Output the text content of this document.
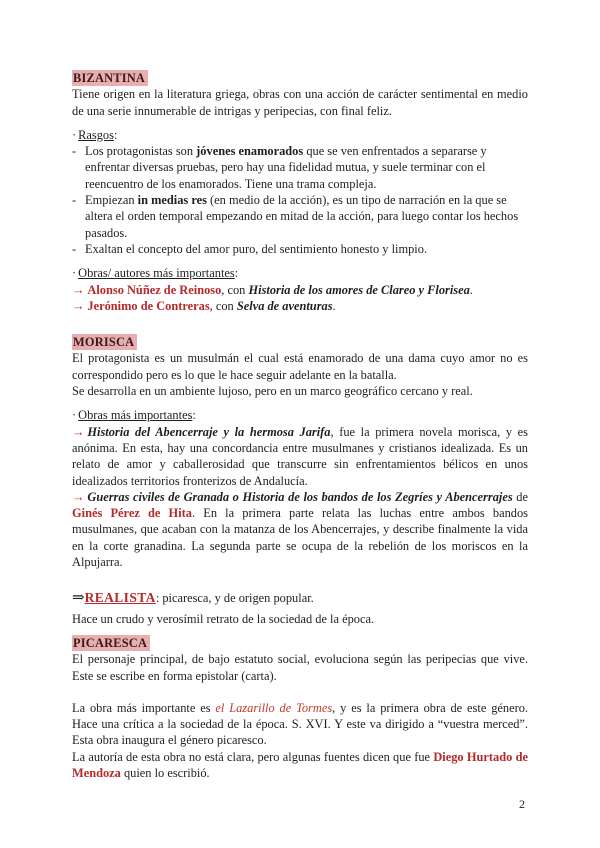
BIZANTINA

Tiene origen en la literatura griega, obras con una acción de carácter sentimental en medio de una serie innumerable de intrigas y peripecias, con final feliz.

· Rasgos:

- Los protagonistas son jóvenes enamorados que se ven enfrentados a separarse y enfrentar diversas pruebas, pero hay una fidelidad mutua, y suele terminar con el reencuentro de los enamorados. Tiene una trama compleja.
- Empiezan in medias res (en medio de la acción), es un tipo de narración en la que se altera el orden temporal empezando en mitad de la acción, para luego contar los hechos pasados.
- Exaltan el concepto del amor puro, del sentimiento honesto y limpio.

· Obras/ autores más importantes:

→ Alonso Núñez de Reinoso, con Historia de los amores de Clareo y Florisea.

→ Jerónimo de Contreras, con Selva de aventuras.

MORISCA

El protagonista es un musulmán el cual está enamorado de una dama cuyo amor no es correspondido pero es lo que le hace seguir adelante en la batalla.

Se desarrolla en un ambiente lujoso, pero en un marco geográfico cercano y real.

· Obras más importantes:

→ Historia del Abencerraje y la hermosa Jarifa, fue la primera novela morisca, y es anónima. En esta, hay una concordancia entre musulmanes y cristianos idealizada. Es un relato de amor y caballerosidad que transcurre sin enfrentamientos bélicos en unos idealizados territorios fronterizos de Andalucía.

→ Guerras civiles de Granada o Historia de los bandos de los Zegríes y Abencerrajes de Ginés Pérez de Hita. En la primera parte relata las luchas entre ambos bandos musulmanes, que acaban con la matanza de los Abencerrajes, y describe finalmente la vida en la corte granadina. La segunda parte se ocupa de la rebelión de los moriscos en la Alpujarra.

⇒REALISTA: picaresca, y de origen popular.

Hace un crudo y verosímil retrato de la sociedad de la época.

PICARESCA

El personaje principal, de bajo estatuto social, evoluciona según las peripecias que vive. Este se escribe en forma epistolar (carta).

La obra más importante es el Lazarillo de Tormes, y es la primera obra de este género. Hace una crítica a la sociedad de la época. S. XVI. Y este va dirigido a “vuestra merced”. Esta obra inaugura el género picaresco.

La autoría de esta obra no está clara, pero algunas fuentes dicen que fue Diego Hurtado de Mendoza quien lo escribió.

2
